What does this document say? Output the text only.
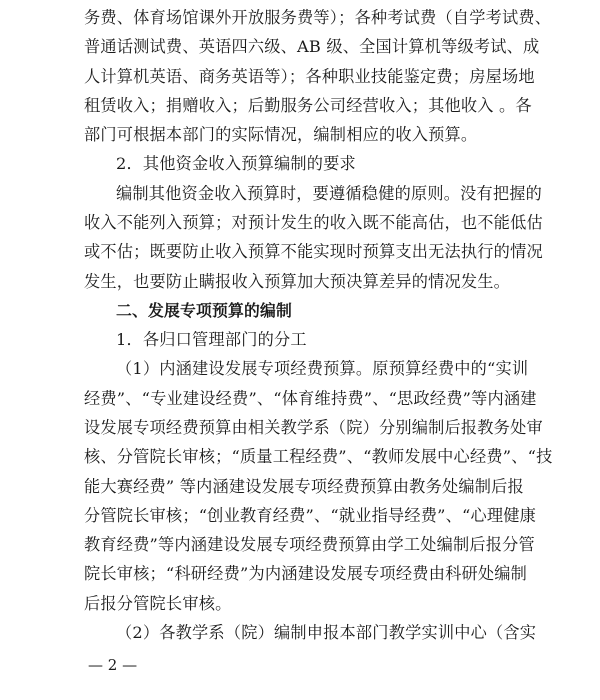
务费、体育场馆课外开放服务费等）；各种考试费（自学考试费、
普通话测试费、英语四六级、AB 级、全国计算机等级考试、成
人计算机英语、商务英语等）；各种职业技能鉴定费；房屋场地
租赁收入；捐赠收入；后勤服务公司经营收入；其他收入 。各
部门可根据本部门的实际情况，编制相应的收入预算。
2．其他资金收入预算编制的要求
编制其他资金收入预算时，要遵循稳健的原则。没有把握的
收入不能列入预算；对预计发生的收入既不能高估，也不能低估
或不估；既要防止收入预算不能实现时预算支出无法执行的情况
发生，也要防止瞒报收入预算加大预决算差异的情况发生。
二、发展专项预算的编制
1．各归口管理部门的分工
（1）内涵建设发展专项经费预算。原预算经费中的“实训
经费”、“专业建设经费”、“体育维持费”、“思政经费”等内涵建
设发展专项经费预算由相关教学系（院）分别编制后报教务处审
核、分管院长审核；“质量工程经费”、“教师发展中心经费”、“技
能大赛经费” 等内涵建设发展专项经费预算由教务处编制后报
分管院长审核；“创业教育经费”、“就业指导经费”、“心理健康
教育经费”等内涵建设发展专项经费预算由学工处编制后报分管
院长审核；“科研经费”为内涵建设发展专项经费由科研处编制
后报分管院长审核。
（2）各教学系（院）编制申报本部门教学实训中心（含实
— 2 —
